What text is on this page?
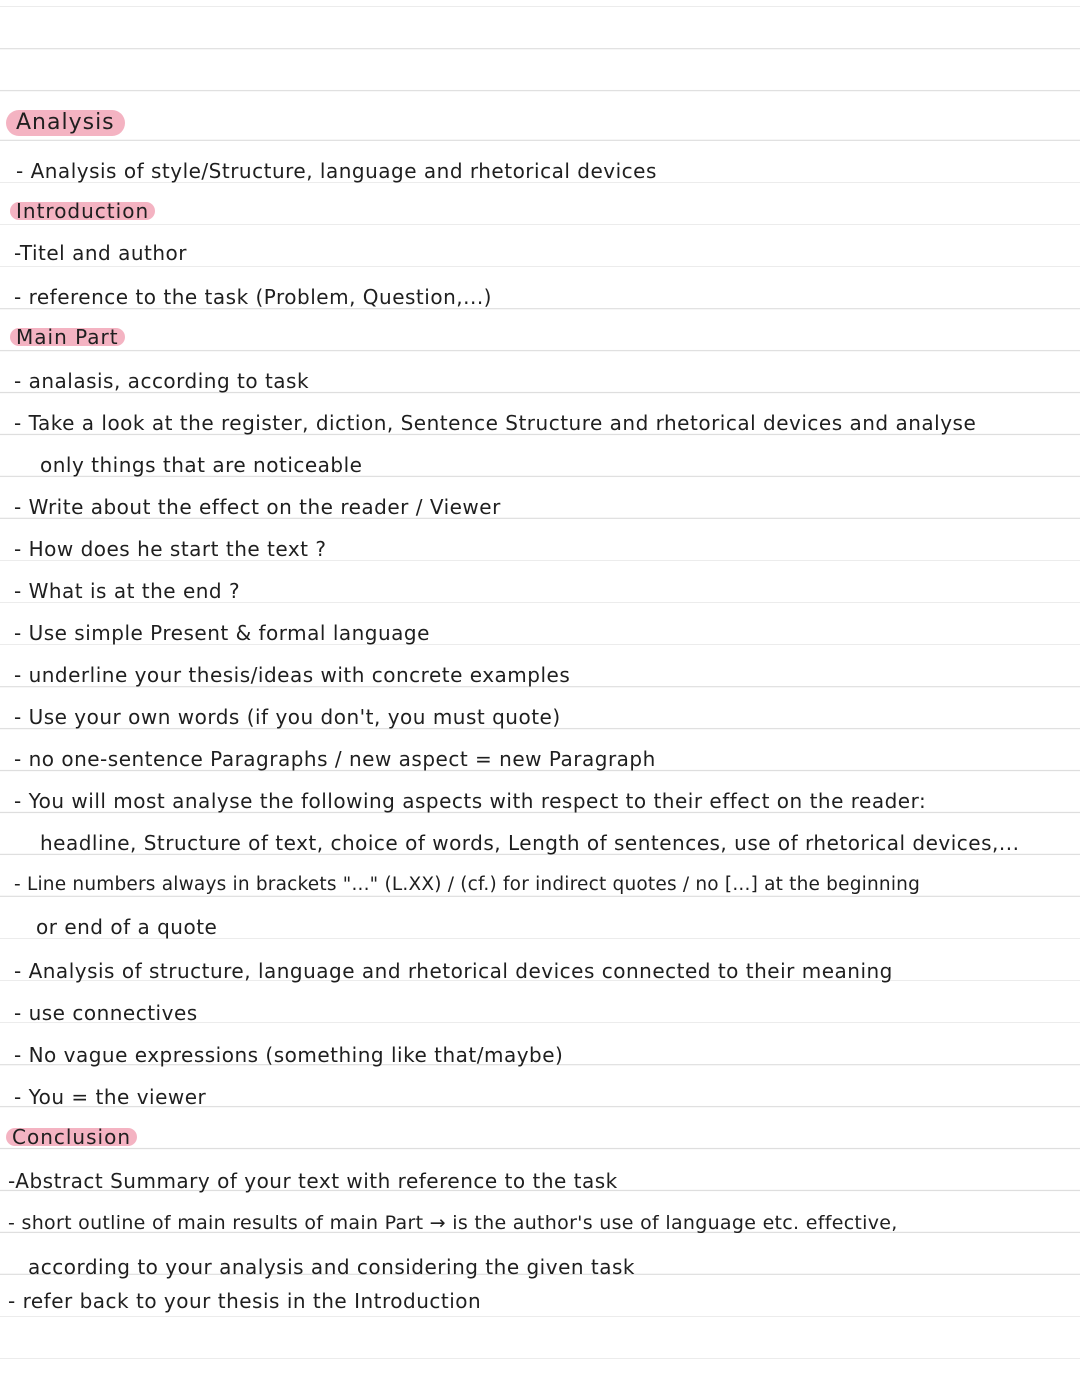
Analysis
- Analysis of style/Structure, language and rhetorical devices
Introduction
-Titel and author
- reference to the task (Problem, Question,...)
Main Part
- analasis, according to task
- Take a look at the register, diction, Sentence Structure and rhetorical devices and analyse
only things that are noticeable
- Write about the effect on the reader / Viewer
- How does he start the text ?
- What is at the end ?
- Use simple Present & formal language
- underline your thesis/ideas with concrete examples
- Use your own words (if you don't, you must quote)
- no one-sentence Paragraphs / new aspect = new Paragraph
- You will most analyse the following aspects with respect to their effect on the reader:
headline, Structure of text, choice of words, Length of sentences, use of rhetorical devices,...
- Line numbers always in brackets "..." (L.XX) / (cf.) for indirect quotes / no [...] at the beginning
or end of a quote
- Analysis of structure, language and rhetorical devices connected to their meaning
- use connectives
- No vague expressions (something like that/maybe)
- You = the viewer
Conclusion
-Abstract Summary of your text with reference to the task
- short outline of main results of main Part → is the author's use of language etc. effective,
according to your analysis and considering the given task
- refer back to your thesis in the Introduction
